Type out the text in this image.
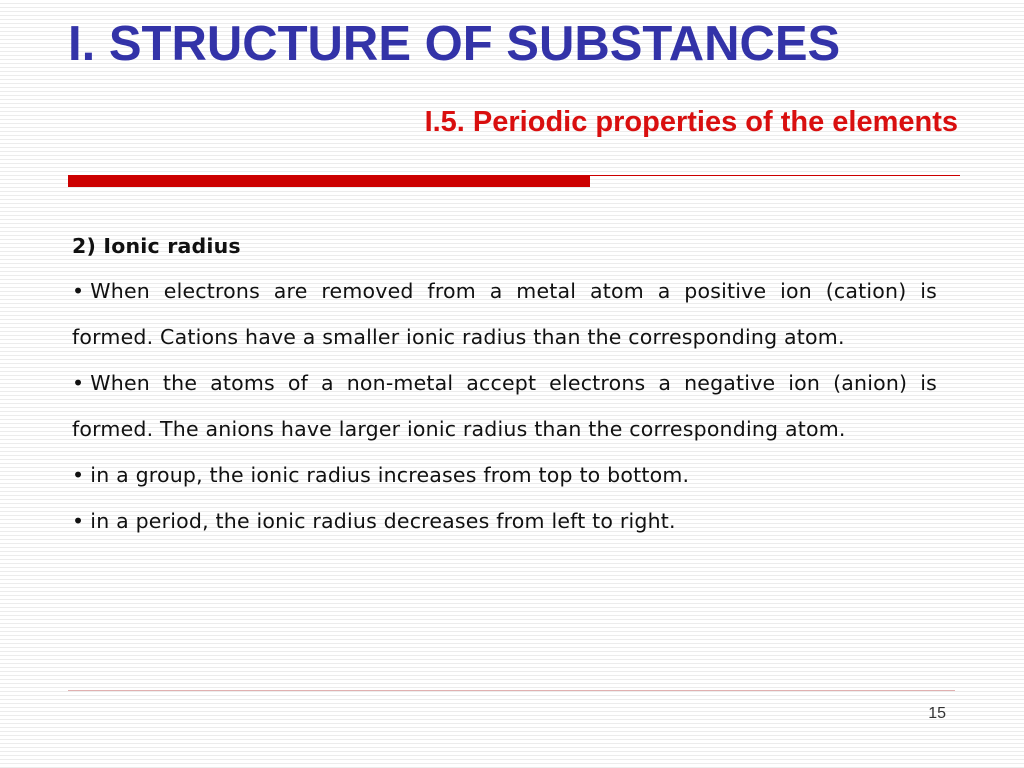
I. STRUCTURE OF SUBSTANCES
I.5. Periodic properties of the elements

2) Ionic radius

• When electrons are removed from a metal atom a positive ion (cation) is formed. Cations have a smaller ionic radius than the corresponding atom.

• When the atoms of a non-metal accept electrons a negative ion (anion) is formed. The anions have larger ionic radius than the corresponding atom.

• in a group, the ionic radius increases from top to bottom.

• in a period, the ionic radius decreases from left to right.

15
